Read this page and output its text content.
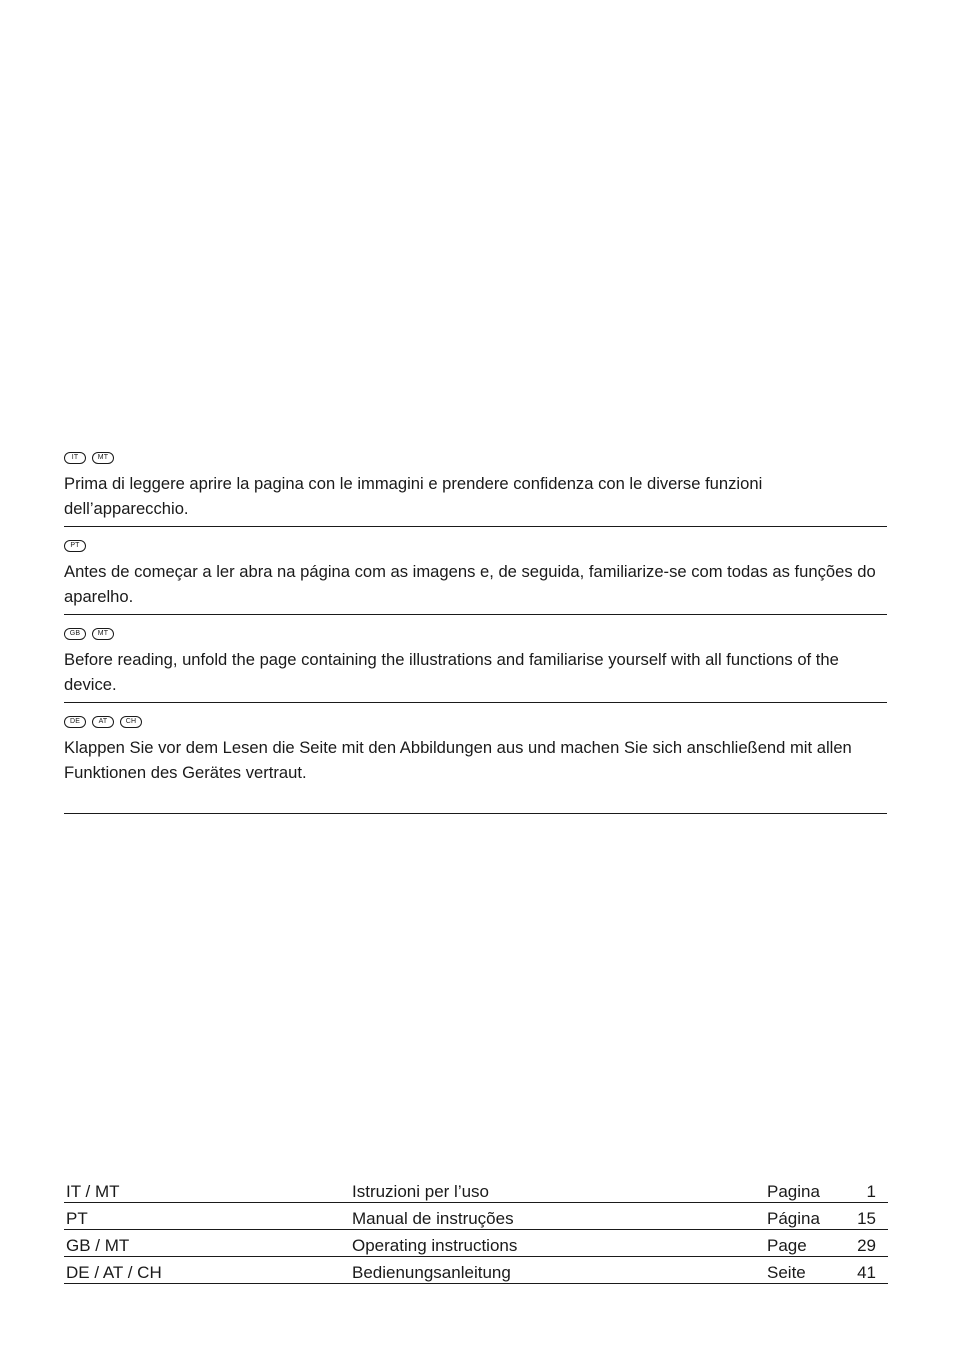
IT	MT

Prima di leggere aprire la pagina con le immagini e prendere confidenza con le diverse funzioni dell’apparecchio.

PT

Antes de começar a ler abra na página com as imagens e, de seguida, familiarize-se com todas as funções do aparelho.

GB	MT

Before reading, unfold the page containing the illustrations and familiarise yourself with all functions of the device.

DE	AT	CH

Klappen Sie vor dem Lesen die Seite mit den Abbildungen aus und machen Sie sich anschließend mit allen Funktionen des Gerätes vertraut.

IT / MT	Istruzioni per l’uso	Pagina	1
PT	Manual de instruções	Página	15
GB / MT	Operating instructions	Page	29
DE / AT / CH	Bedienungsanleitung	Seite	41
